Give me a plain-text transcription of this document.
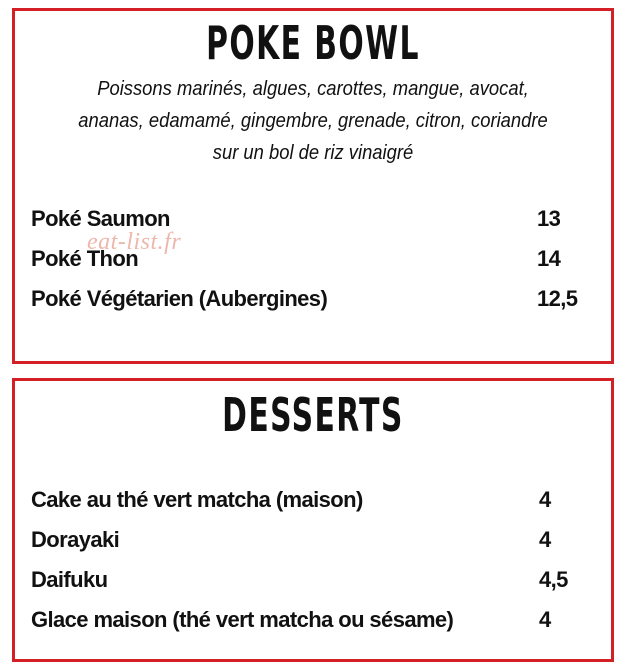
POKE BOWL
Poissons marinés, algues, carottes, mangue, avocat,
ananas, edamamé, gingembre, grenade, citron, coriandre
sur un bol de riz vinaigré
Poké Saumon	13
Poké Thon	14
Poké Végétarien (Aubergines)	12,5
eat-list.fr
DESSERTS
Cake au thé vert matcha (maison)	4
Dorayaki	4
Daifuku	4,5
Glace maison (thé vert matcha ou sésame)	4
